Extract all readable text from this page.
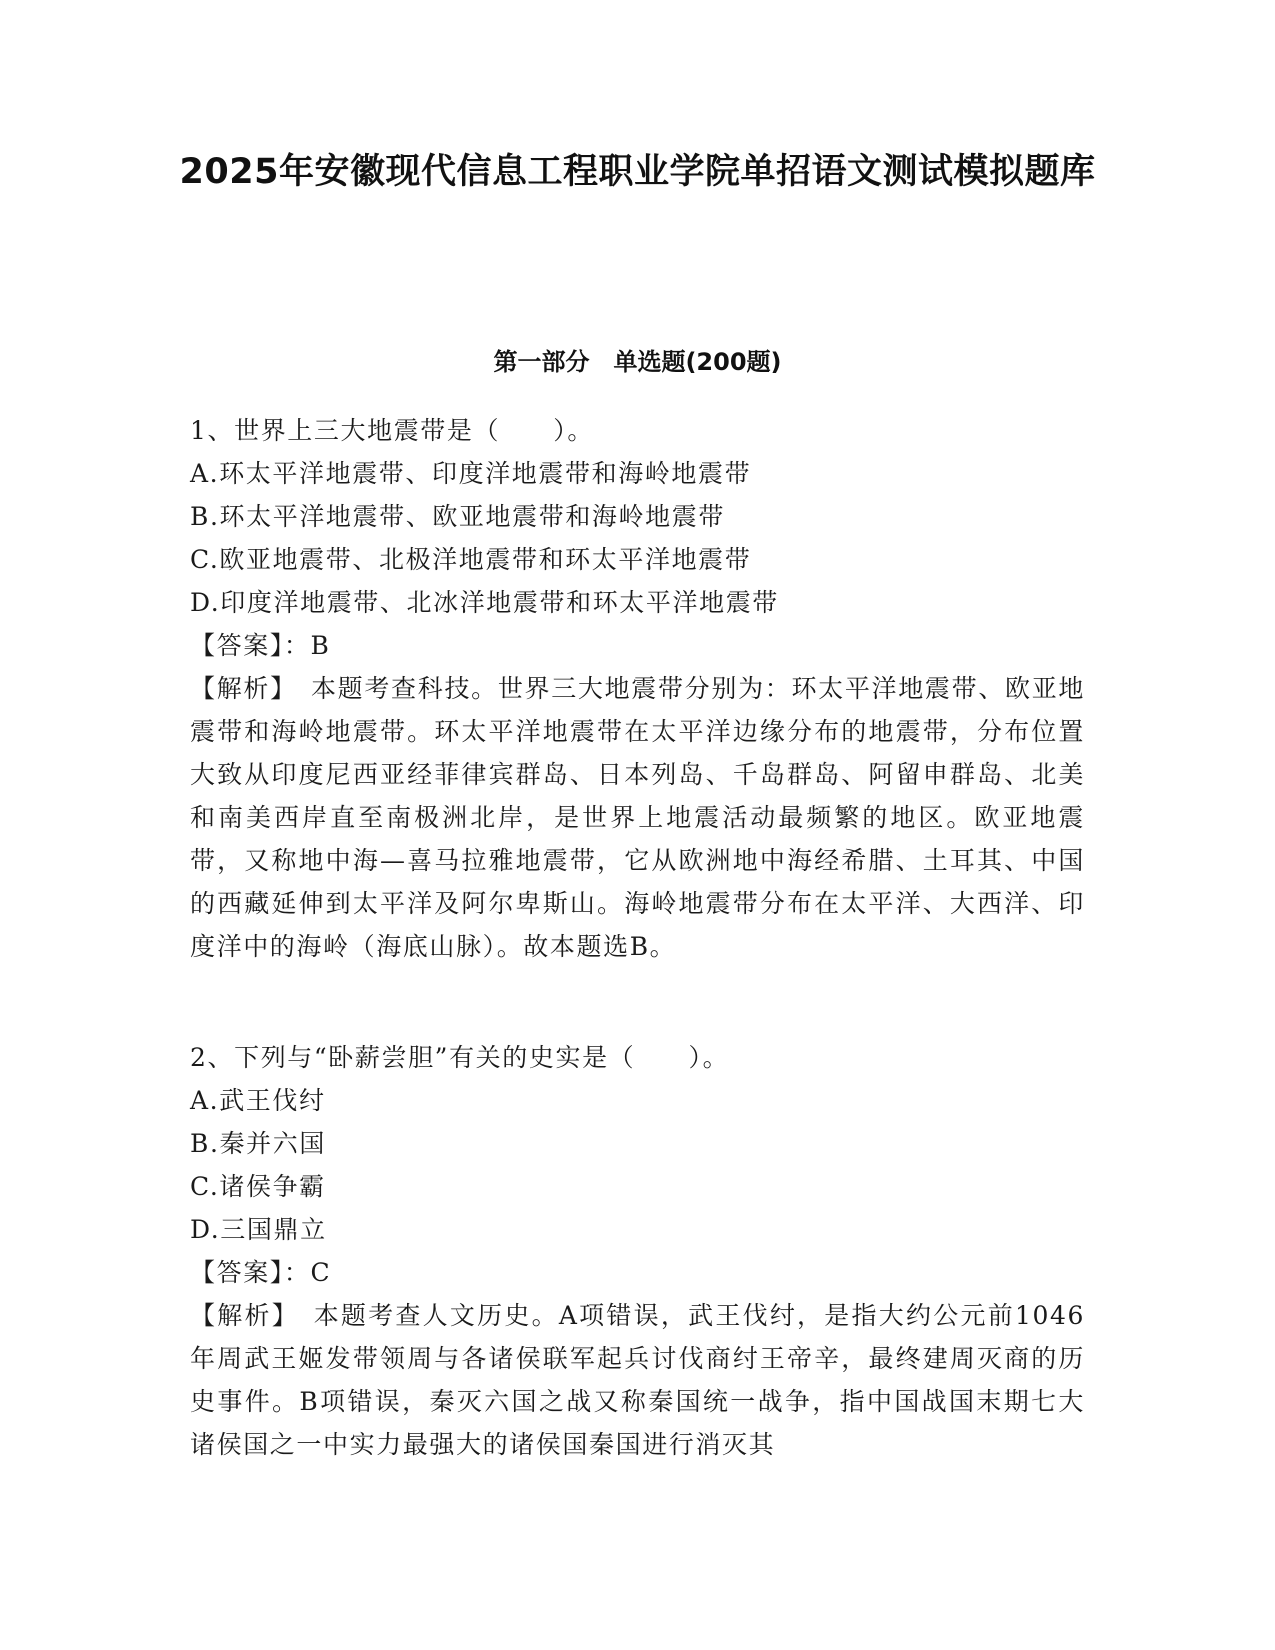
2025年安徽现代信息工程职业学院单招语文测试模拟题库
第一部分　单选题(200题)
1、世界上三大地震带是（　　）。
A.环太平洋地震带、印度洋地震带和海岭地震带
B.环太平洋地震带、欧亚地震带和海岭地震带
C.欧亚地震带、北极洋地震带和环太平洋地震带
D.印度洋地震带、北冰洋地震带和环太平洋地震带
【答案】：B
【解析】　本题考查科技。世界三大地震带分别为：环太平洋地震带、欧亚地震带和海岭地震带。环太平洋地震带在太平洋边缘分布的地震带，分布位置大致从印度尼西亚经菲律宾群岛、日本列岛、千岛群岛、阿留申群岛、北美和南美西岸直至南极洲北岸，是世界上地震活动最频繁的地区。欧亚地震带，又称地中海—喜马拉雅地震带，它从欧洲地中海经希腊、土耳其、中国的西藏延伸到太平洋及阿尔卑斯山。海岭地震带分布在太平洋、大西洋、印度洋中的海岭（海底山脉）。故本题选B。
2、下列与“卧薪尝胆”有关的史实是（　　）。
A.武王伐纣
B.秦并六国
C.诸侯争霸
D.三国鼎立
【答案】：C
【解析】　本题考查人文历史。A项错误，武王伐纣，是指大约公元前1046年周武王姬发带领周与各诸侯联军起兵讨伐商纣王帝辛，最终建周灭商的历史事件。B项错误，秦灭六国之战又称秦国统一战争，指中国战国末期七大诸侯国之一中实力最强大的诸侯国秦国进行消灭其
